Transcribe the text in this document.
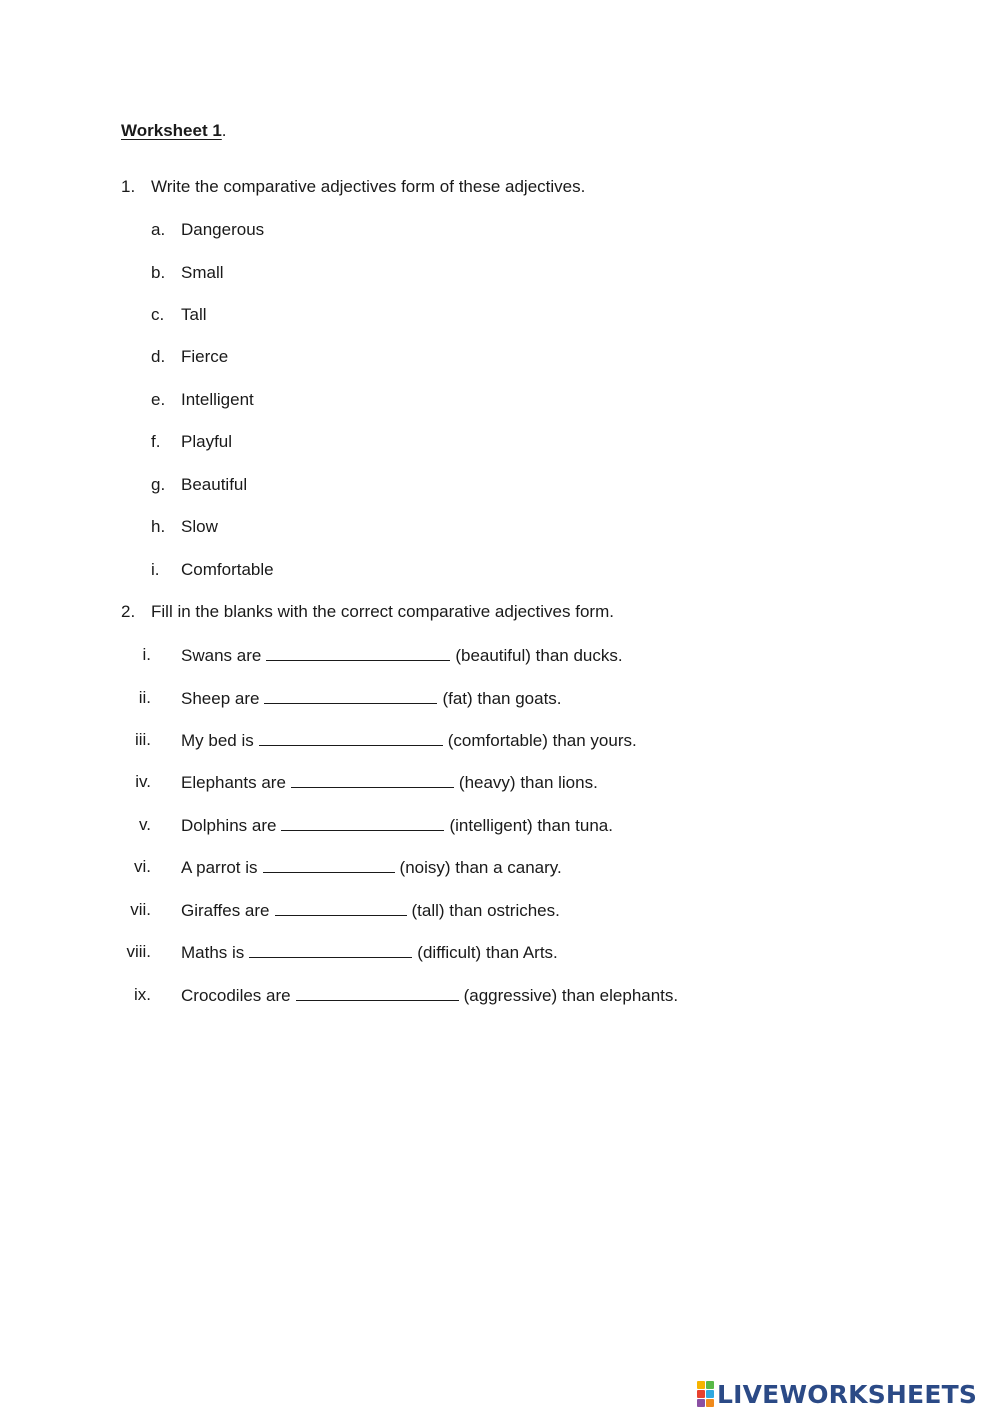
Worksheet 1.
1. Write the comparative adjectives form of these adjectives.
a. Dangerous
b. Small
c. Tall
d. Fierce
e. Intelligent
f.	Playful
g. Beautiful
h. Slow
i.	Comfortable
2. Fill in the blanks with the correct comparative adjectives form.
i. Swans are	(beautiful) than ducks.
ii. Sheep are	(fat) than goats.
iii. My bed is	(comfortable) than yours.
iv. Elephants are	(heavy) than lions.
v. Dolphins are	(intelligent) than tuna.
vi. A parrot is	(noisy) than a canary.
vii. Giraffes are	(tall) than ostriches.
viii. Maths is	(difficult) than Arts.
ix. Crocodiles are	(aggressive) than elephants.
LIVEWORKSHEETS
